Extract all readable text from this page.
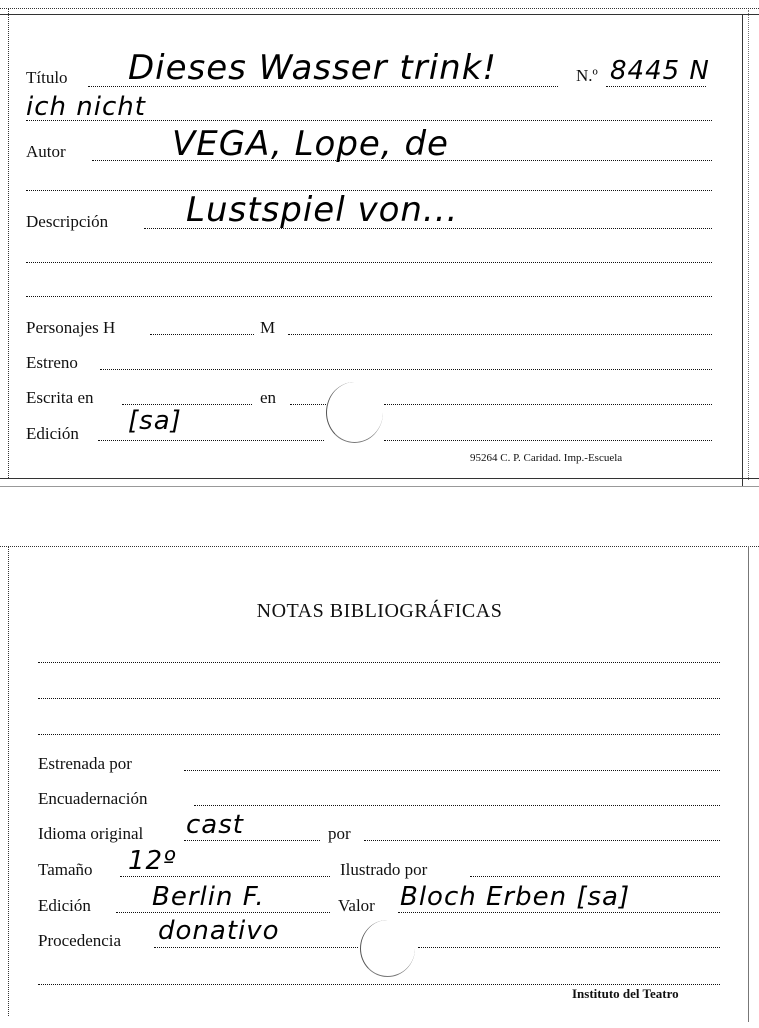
Título Dieses Wasser trink!	N.º 8445 N
ich nicht
Autor	VEGA, Lope, de
Descripción Lustspiel von...
Personajes H	M
Estreno
Escrita en	en
Edición [sa]
95264 C. P. Caridad. Imp.-Escuela
NOTAS BIBLIOGRÁFICAS
Estrenada por
Encuadernación
Idioma original cast	por
Tamaño 12º	Ilustrado por
Edición Berlin F.	Valor Bloch Erben [sa]
Procedencia donativo
Instituto del Teatro
